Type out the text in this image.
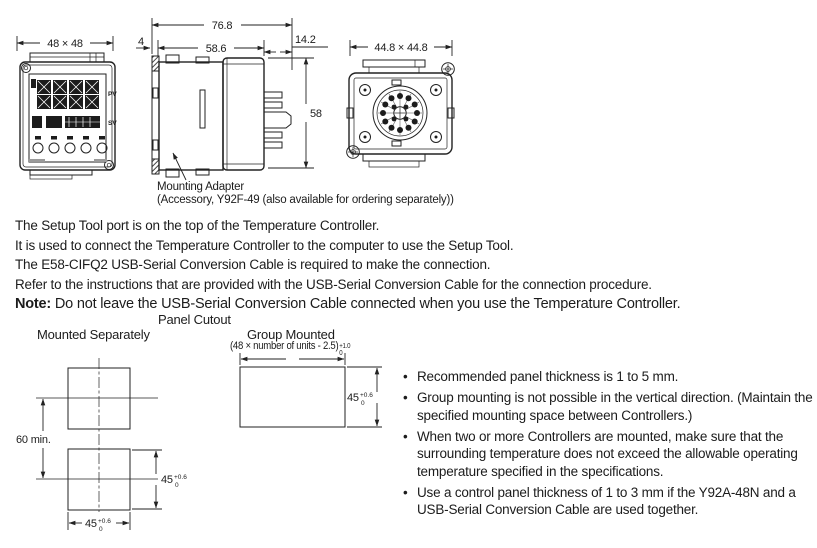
48 × 48
PV
SV
76.8
58.6
4	14.2
58
44.8 × 44.8
Mounting Adapter
(Accessory, Y92F-49 (also available for ordering separately))

The Setup Tool port is on the top of the Temperature Controller.

It is used to connect the Temperature Controller to the computer to use the Setup Tool.

The E58-CIFQ2 USB-Serial Conversion Cable is required to make the connection.

Refer to the instructions that are provided with the USB-Serial Conversion Cable for the connection procedure.

Note: Do not leave the USB-Serial Conversion Cable connected when you use the Temperature Controller.
Panel Cutout
Mounted Separately	Group Mounted
(48 × number of units - 2.5) +1.0
0
60 min.
45 +0.6
0
45 +0.6
0
45 +0.6
0
• Recommended panel thickness is 1 to 5 mm.
• Group mounting is not possible in the vertical direction. (Maintain the specified mounting space between Controllers.)
• When two or more Controllers are mounted, make sure that the surrounding temperature does not exceed the allowable operating temperature specified in the specifications.
• Use a control panel thickness of 1 to 3 mm if the Y92A-48N and a USB-Serial Conversion Cable are used together.
